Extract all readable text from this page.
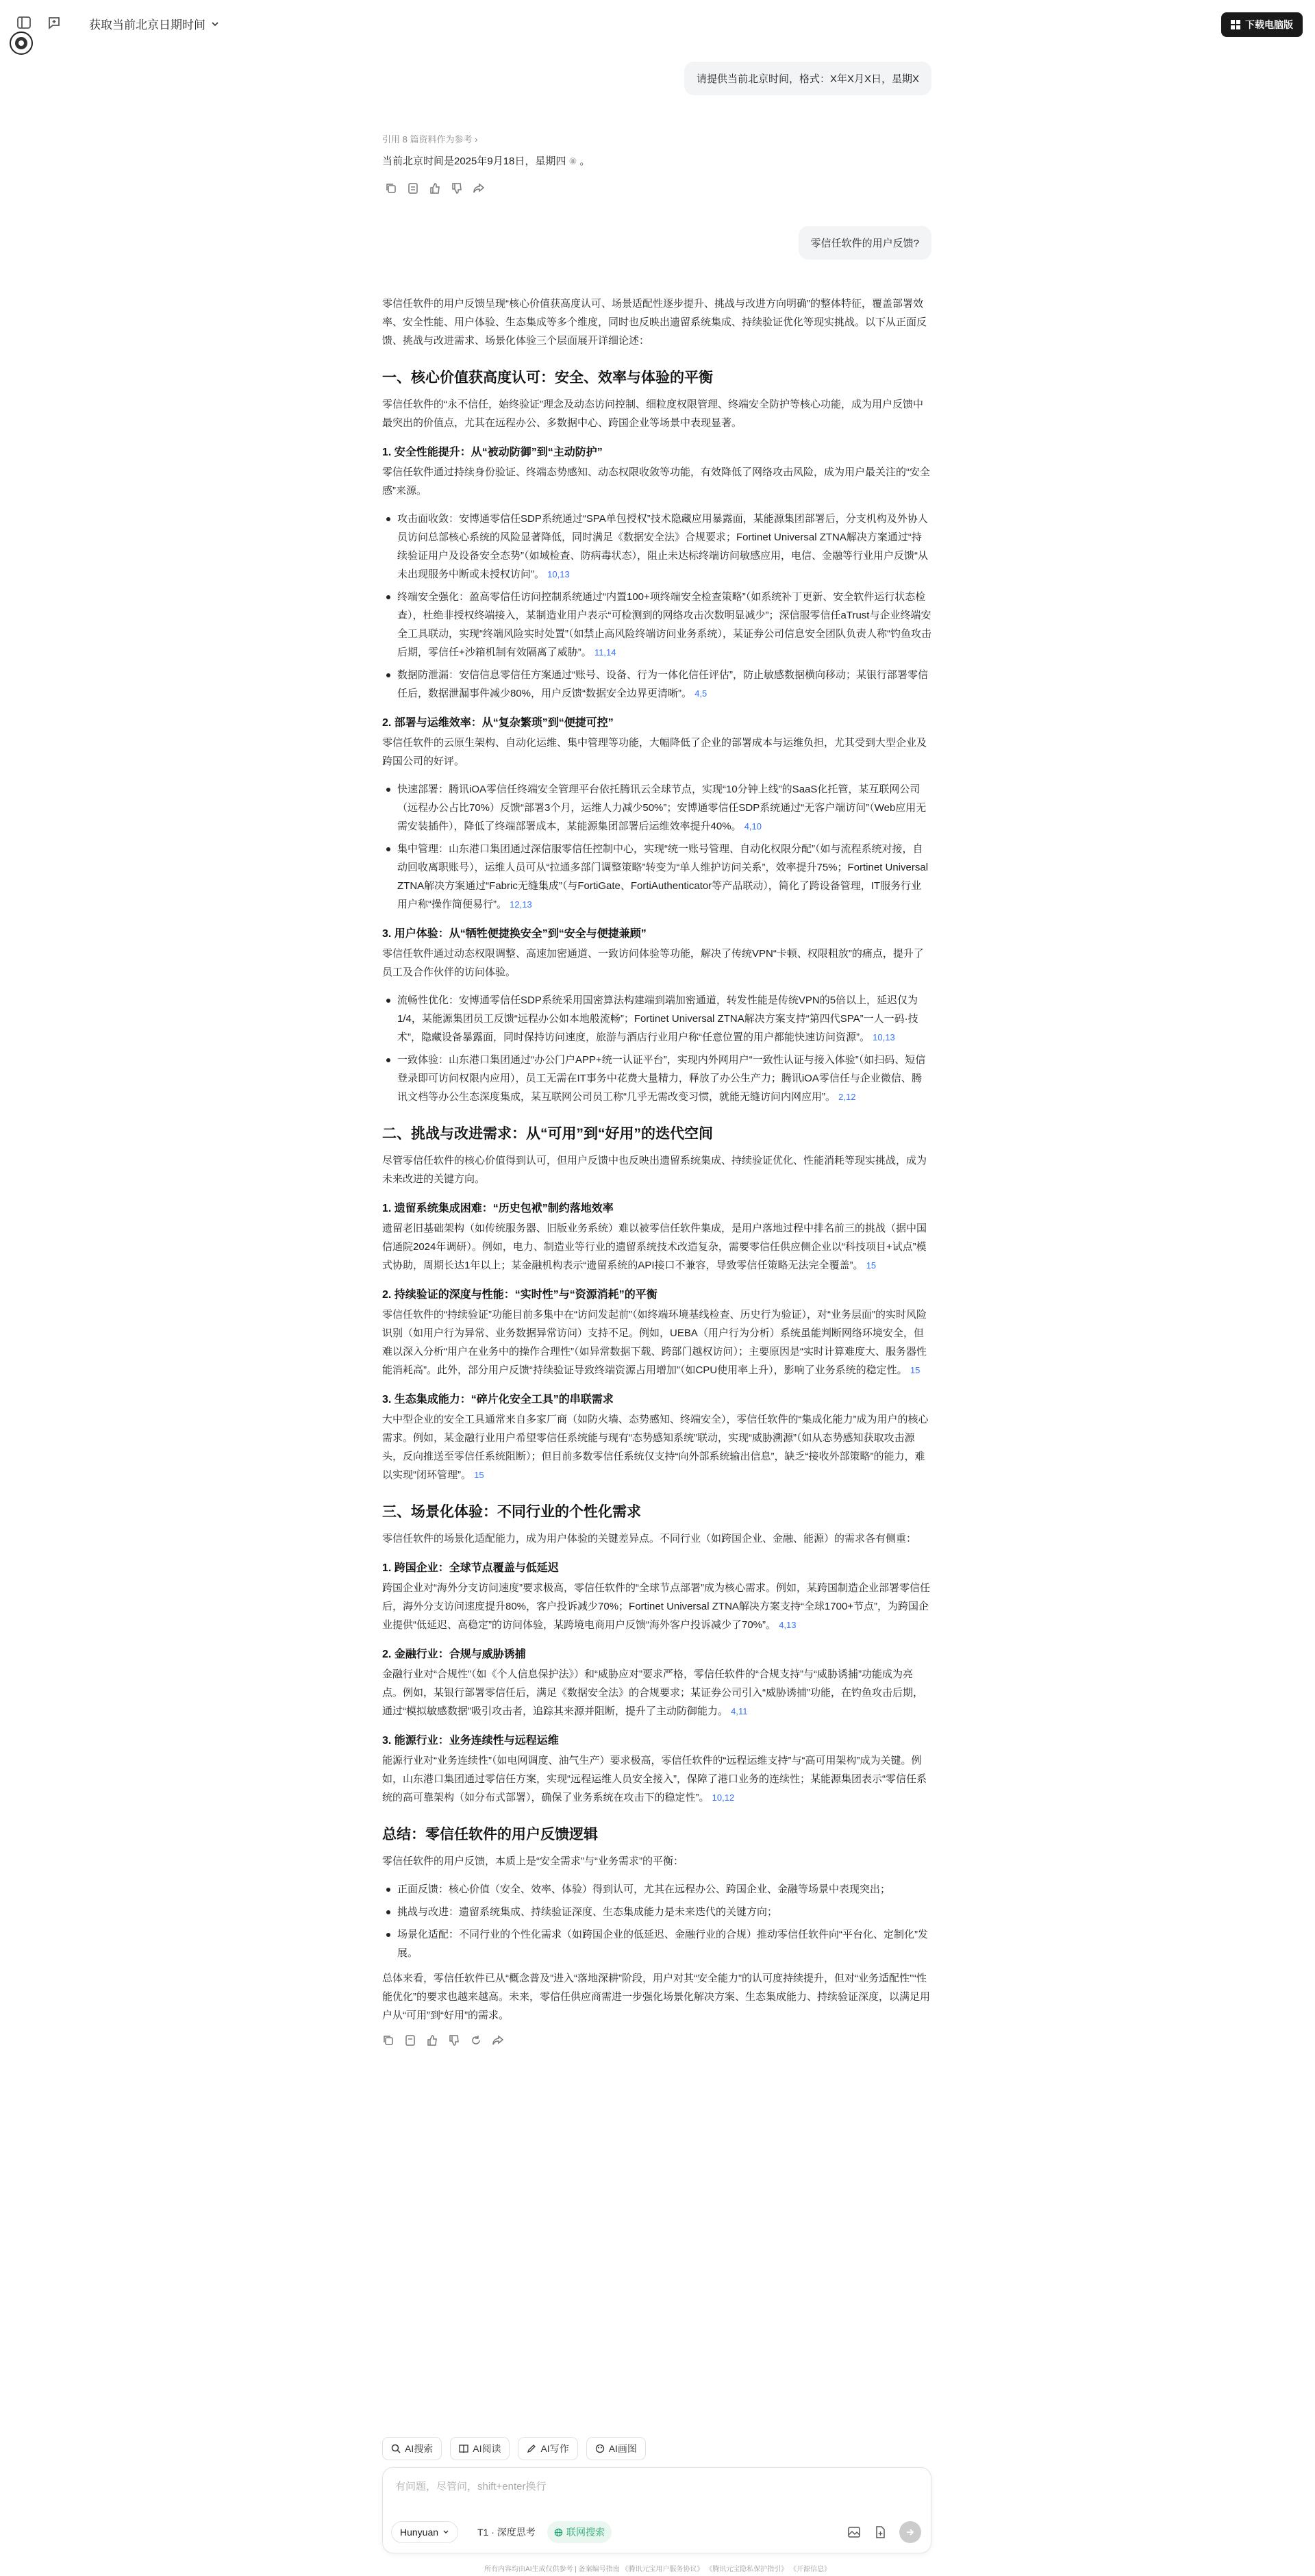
获取当前北京日期时间	下载电脑版
请提供当前北京时间，格式：X年X月X日，星期X
引用 8 篇资料作为参考 ›
当前北京时间是2025年9月18日，星期四 ⑧ 。
零信任软件的用户反馈?

零信任软件的用户反馈呈现“核心价值获高度认可、场景适配性逐步提升、挑战与改进方向明确”的整体特征，覆盖部署效率、安全性能、用户体验、生态集成等多个维度，同时也反映出遗留系统集成、持续验证优化等现实挑战。以下从正面反馈、挑战与改进需求、场景化体验三个层面展开详细论述：

一、核心价值获高度认可：安全、效率与体验的平衡

零信任软件的“永不信任，始终验证”理念及动态访问控制、细粒度权限管理、终端安全防护等核心功能，成为用户反馈中最突出的价值点，尤其在远程办公、多数据中心、跨国企业等场景中表现显著。

1. 安全性能提升：从“被动防御”到“主动防护”

零信任软件通过持续身份验证、终端态势感知、动态权限收敛等功能，有效降低了网络攻击风险，成为用户最关注的“安全感”来源。

攻击面收敛：安博通零信任SDP系统通过“SPA单包授权”技术隐藏应用暴露面，某能源集团部署后，分支机构及外协人员访问总部核心系统的风险显著降低，同时满足《数据安全法》合规要求；Fortinet Universal ZTNA解决方案通过“持续验证用户及设备安全态势”（如域检查、防病毒状态），阻止未达标终端访问敏感应用，电信、金融等行业用户反馈“从未出现服务中断或未授权访问”。 10,13
终端安全强化：盈高零信任访问控制系统通过“内置100+项终端安全检查策略”（如系统补丁更新、安全软件运行状态检查），杜绝非授权终端接入，某制造业用户表示“可检测到的网络攻击次数明显减少”；深信服零信任aTrust与企业终端安全工具联动，实现“终端风险实时处置”（如禁止高风险终端访问业务系统），某证券公司信息安全团队负责人称“钓鱼攻击后期，零信任+沙箱机制有效隔离了威胁”。 11,14
数据防泄漏：安信信息零信任方案通过“账号、设备、行为一体化信任评估”，防止敏感数据横向移动；某银行部署零信任后，数据泄漏事件减少80%，用户反馈“数据安全边界更清晰”。 4,5
2. 部署与运维效率：从“复杂繁琐”到“便捷可控”

零信任软件的云原生架构、自动化运维、集中管理等功能，大幅降低了企业的部署成本与运维负担，尤其受到大型企业及跨国公司的好评。

快速部署：腾讯iOA零信任终端安全管理平台依托腾讯云全球节点，实现“10分钟上线”的SaaS化托管，某互联网公司（远程办公占比70%）反馈“部署3个月，运维人力减少50%”；安博通零信任SDP系统通过“无客户端访问”（Web应用无需安装插件），降低了终端部署成本，某能源集团部署后运维效率提升40%。 4,10
集中管理：山东港口集团通过深信服零信任控制中心，实现“统一账号管理、自动化权限分配”（如与流程系统对接，自动回收离职账号），运维人员可从“拉通多部门调整策略”转变为“单人维护访问关系”，效率提升75%；Fortinet Universal ZTNA解决方案通过“Fabric无缝集成”（与FortiGate、FortiAuthenticator等产品联动），简化了跨设备管理，IT服务行业用户称“操作简便易行”。 12,13
3. 用户体验：从“牺牲便捷换安全”到“安全与便捷兼顾”

零信任软件通过动态权限调整、高速加密通道、一致访问体验等功能，解决了传统VPN“卡顿、权限粗放”的痛点，提升了员工及合作伙伴的访问体验。

流畅性优化：安博通零信任SDP系统采用国密算法构建端到端加密通道，转发性能是传统VPN的5倍以上，延迟仅为1/4，某能源集团员工反馈“远程办公如本地般流畅”；Fortinet Universal ZTNA解决方案支持“第四代SPA”一人一码·技术”，隐藏设备暴露面，同时保持访问速度，旅游与酒店行业用户称“任意位置的用户都能快速访问资源”。 10,13
一致体验：山东港口集团通过“办公门户APP+统一认证平台”，实现内外网用户“一致性认证与接入体验”（如扫码、短信登录即可访问权限内应用），员工无需在IT事务中花费大量精力，释放了办公生产力；腾讯iOA零信任与企业微信、腾讯文档等办公生态深度集成，某互联网公司员工称“几乎无需改变习惯，就能无缝访问内网应用”。 2,12
二、挑战与改进需求：从“可用”到“好用”的迭代空间

尽管零信任软件的核心价值得到认可，但用户反馈中也反映出遗留系统集成、持续验证优化、性能消耗等现实挑战，成为未来改进的关键方向。

1. 遗留系统集成困难：“历史包袱”制约落地效率

遗留老旧基础架构（如传统服务器、旧版业务系统）难以被零信任软件集成，是用户落地过程中排名前三的挑战（据中国信通院2024年调研）。例如，电力、制造业等行业的遗留系统技术改造复杂，需要零信任供应侧企业以“科技项目+试点”模式协助，周期长达1年以上；某金融机构表示“遗留系统的API接口不兼容，导致零信任策略无法完全覆盖”。 15

2. 持续验证的深度与性能：“实时性”与“资源消耗”的平衡

零信任软件的“持续验证”功能目前多集中在“访问发起前”（如终端环境基线检查、历史行为验证），对“业务层面”的实时风险识别（如用户行为异常、业务数据异常访问）支持不足。例如，UEBA（用户行为分析）系统虽能判断网络环境安全，但难以深入分析“用户在业务中的操作合理性”（如异常数据下载、跨部门越权访问）；主要原因是“实时计算难度大、服务器性能消耗高”。此外，部分用户反馈“持续验证导致终端资源占用增加”（如CPU使用率上升），影响了业务系统的稳定性。 15

3. 生态集成能力：“碎片化安全工具”的串联需求

大中型企业的安全工具通常来自多家厂商（如防火墙、态势感知、终端安全），零信任软件的“集成化能力”成为用户的核心需求。例如，某金融行业用户希望零信任系统能与现有“态势感知系统”联动，实现“威胁溯源”（如从态势感知获取攻击源头，反向推送至零信任系统阻断）；但目前多数零信任系统仅支持“向外部系统输出信息”，缺乏“接收外部策略”的能力，难以实现“闭环管理”。 15

三、场景化体验：不同行业的个性化需求

零信任软件的场景化适配能力，成为用户体验的关键差异点。不同行业（如跨国企业、金融、能源）的需求各有侧重：

1. 跨国企业：全球节点覆盖与低延迟

跨国企业对“海外分支访问速度”要求极高，零信任软件的“全球节点部署”成为核心需求。例如，某跨国制造企业部署零信任后，海外分支访问速度提升80%，客户投诉减少70%；Fortinet Universal ZTNA解决方案支持“全球1700+节点”，为跨国企业提供“低延迟、高稳定”的访问体验，某跨境电商用户反馈“海外客户投诉减少了70%”。 4,13

2. 金融行业：合规与威胁诱捕

金融行业对“合规性”（如《个人信息保护法》）和“威胁应对”要求严格，零信任软件的“合规支持”与“威胁诱捕”功能成为亮点。例如，某银行部署零信任后，满足《数据安全法》的合规要求；某证券公司引入“威胁诱捕”功能，在钓鱼攻击后期，通过“模拟敏感数据”吸引攻击者，追踪其来源并阻断，提升了主动防御能力。 4,11

3. 能源行业：业务连续性与远程运维

能源行业对“业务连续性”（如电网调度、油气生产）要求极高，零信任软件的“远程运维支持”与“高可用架构”成为关键。例如，山东港口集团通过零信任方案，实现“远程运维人员安全接入”，保障了港口业务的连续性；某能源集团表示“零信任系统的高可靠架构（如分布式部署），确保了业务系统在攻击下的稳定性”。 10,12

总结：零信任软件的用户反馈逻辑

零信任软件的用户反馈，本质上是“安全需求”与“业务需求”的平衡：

正面反馈：核心价值（安全、效率、体验）得到认可，尤其在远程办公、跨国企业、金融等场景中表现突出；
挑战与改进：遗留系统集成、持续验证深度、生态集成能力是未来迭代的关键方向；
场景化适配：不同行业的个性化需求（如跨国企业的低延迟、金融行业的合规）推动零信任软件向“平台化、定制化”发展。

总体来看，零信任软件已从“概念普及”进入“落地深耕”阶段，用户对其“安全能力”的认可度持续提升，但对“业务适配性”“性能优化”的要求也越来越高。未来，零信任供应商需进一步强化场景化解决方案、生态集成能力、持续验证深度，以满足用户从“可用”到“好用”的需求。

AI搜索	AI阅读	AI写作	AI画图
有问题，尽管问，shift+enter换行
Hunyuan	T1 · 深度思考	联网搜索
所有内容均由AI生成仅供参考 | 备案编号指南 《腾讯元宝用户服务协议》 《腾讯元宝隐私保护指引》 《开源信息》
